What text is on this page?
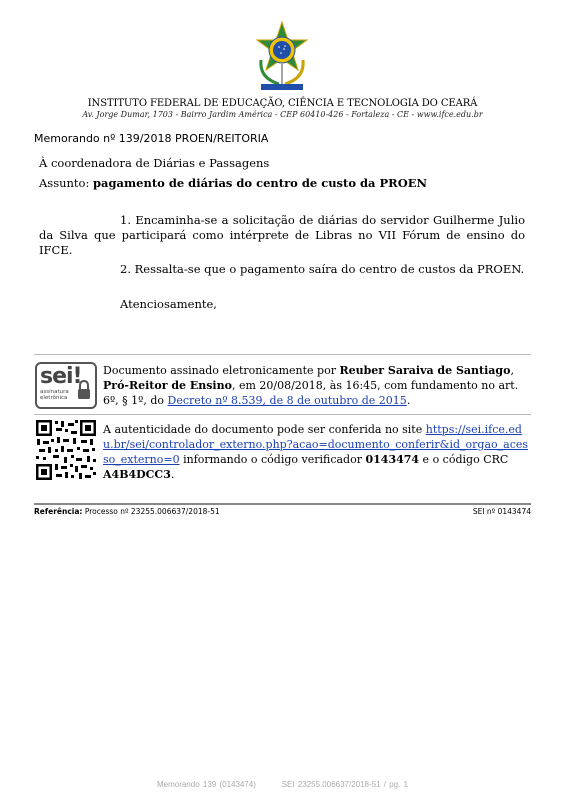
INSTITUTO FEDERAL DE EDUCAÇÃO, CIÊNCIA E TECNOLOGIA DO CEARÁ
Av. Jorge Dumar, 1703 - Bairro Jardim América - CEP 60410-426 - Fortaleza - CE - www.ifce.edu.br
Memorando nº 139/2018 PROEN/REITORIA
À coordenadora de Diárias e Passagens
Assunto: pagamento de diárias do centro de custo da PROEN
1. Encaminha-se a solicitação de diárias do servidor Guilherme Julio da Silva que participará como intérprete de Libras no VII Fórum de ensino do IFCE.
2. Ressalta-se que o pagamento saíra do centro de custos da PROEN.
Atenciosamente,
sei!
assinatura eletrônica
Documento assinado eletronicamente por Reuber Saraiva de Santiago, Pró-Reitor de Ensino, em 20/08/2018, às 16:45, com fundamento no art. 6º, § 1º, do Decreto nº 8.539, de 8 de outubro de 2015.
A autenticidade do documento pode ser conferida no site https://sei.ifce.edu.br/sei/controlador_externo.php?acao=documento_conferir&id_orgao_acesso_externo=0 informando o código verificador 0143474 e o código CRC A4B4DCC3.
Referência: Processo nº 23255.006637/2018-51	SEI nº 0143474
Memorando 139 (0143474)        SEI 23255.006637/2018-51 / pg. 1
